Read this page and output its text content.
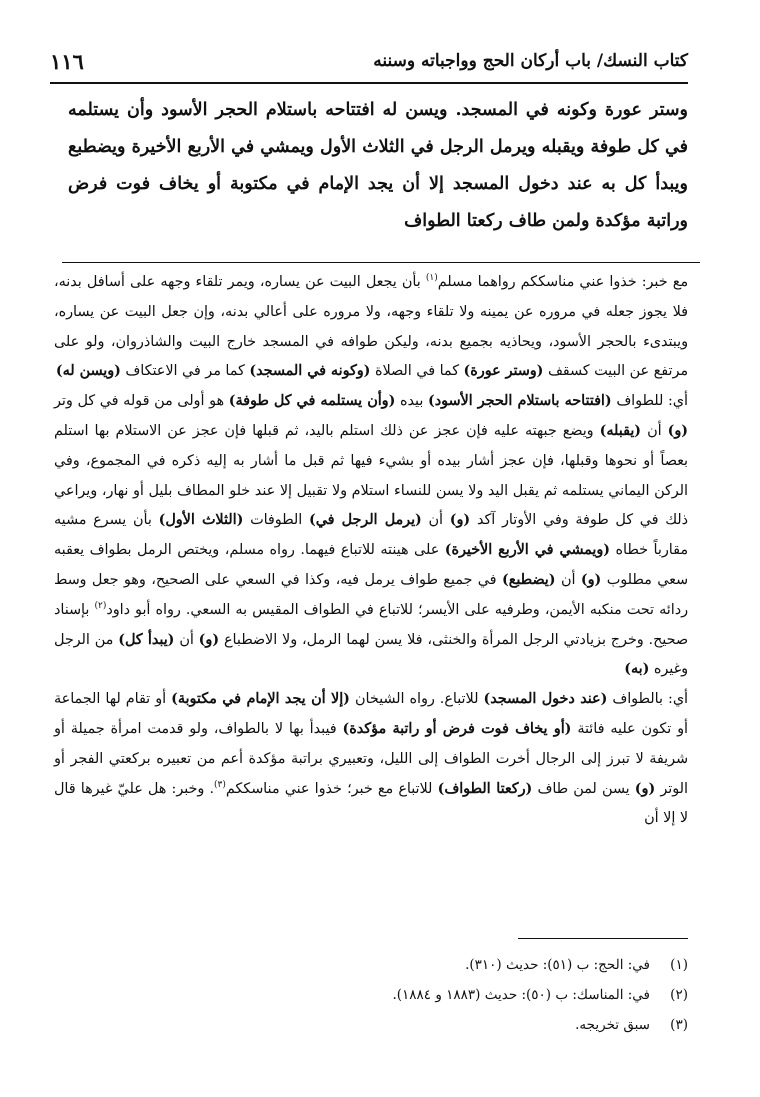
كتاب النسك/ باب أركان الحج وواجباته وسننه
١١٦
وستر عورة وكونه في المسجد. ويسن له افتتاحه باستلام الحجر الأسود وأن يستلمه في كل طوفة ويقبله ويرمل الرجل في الثلاث الأول ويمشي في الأربع الأخيرة ويضطبع ويبدأ كل به عند دخول المسجد إلا أن يجد الإمام في مكتوبة أو يخاف فوت فرض وراتبة مؤكدة ولمن طاف ركعتا الطواف
مع خبر: خذوا عني مناسككم رواهما مسلم$^{(١)}$ بأن يجعل البيت عن يساره، ويمر تلقاء وجهه على أسافل بدنه، فلا يجوز جعله في مروره عن يمينه ولا تلقاء وجهه، ولا مروره على أعالي بدنه، وإن جعل البيت عن يساره، ويبتدىء بالحجر الأسود، ويحاذيه بجميع بدنه، وليكن طوافه في المسجد خارج البيت والشاذروان، ولو على مرتفع عن البيت كسقف (وستر عورة) كما في الصلاة (وكونه في المسجد) كما مر في الاعتكاف (ويسن له)
أي: للطواف (افتتاحه باستلام الحجر الأسود) بيده (وأن يستلمه في كل طوفة) هو أولى من قوله في كل وتر (و) أن (يقبله) ويضع جبهته عليه فإن عجز عن ذلك استلم باليد، ثم قبلها فإن عجز عن الاستلام بها استلم بعصاً أو نحوها وقبلها، فإن عجز أشار بيده أو بشيء فيها ثم قبل ما أشار به إليه ذكره في المجموع، وفي الركن اليماني يستلمه ثم يقبل اليد ولا يسن للنساء استلام ولا تقبيل إلا عند خلو المطاف بليل أو نهار، ويراعي ذلك في كل طوفة وفي الأوتار آكد (و) أن (يرمل الرجل في) الطوفات (الثلاث الأول) بأن يسرع مشيه مقارباً خطاه (ويمشي في الأربع الأخيرة) على هينته للاتباع فيهما. رواه مسلم، ويختص الرمل بطواف يعقبه سعي مطلوب (و) أن (يضطبع) في جميع طواف يرمل فيه، وكذا في السعي على الصحيح، وهو جعل وسط ردائه تحت منكبه الأيمن، وطرفيه على الأيسر؛ للاتباع في الطواف المقيس به السعي. رواه أبو داود$^{(٢)}$ بإسناد صحيح. وخرج بزيادتي الرجل المرأة والخنثى، فلا يسن لهما الرمل، ولا الاضطباع (و) أن (يبدأ كل) من الرجل وغيره (به)
أي: بالطواف (عند دخول المسجد) للاتباع. رواه الشيخان (إلا أن يجد الإمام في مكتوبة) أو تقام لها الجماعة أو تكون عليه فائتة (أو يخاف فوت فرض أو راتبة مؤكدة) فيبدأ بها لا بالطواف، ولو قدمت امرأة جميلة أو شريفة لا تبرز إلى الرجال أخرت الطواف إلى الليل، وتعبيري براتبة مؤكدة أعم من تعبيره بركعتي الفجر أو الوتر (و) يسن لمن طاف (ركعتا الطواف) للاتباع مع خبر؛ خذوا عني مناسككم$^{(٣)}$. وخبر: هل عليّ غيرها قال لا إلا أن
(١)
في: الحج: ب (٥١): حديث (٣١٠).
(٢)
في: المناسك: ب (٥٠): حديث (١٨٨٣ و ١٨٨٤).
(٣)
سبق تخريجه.
